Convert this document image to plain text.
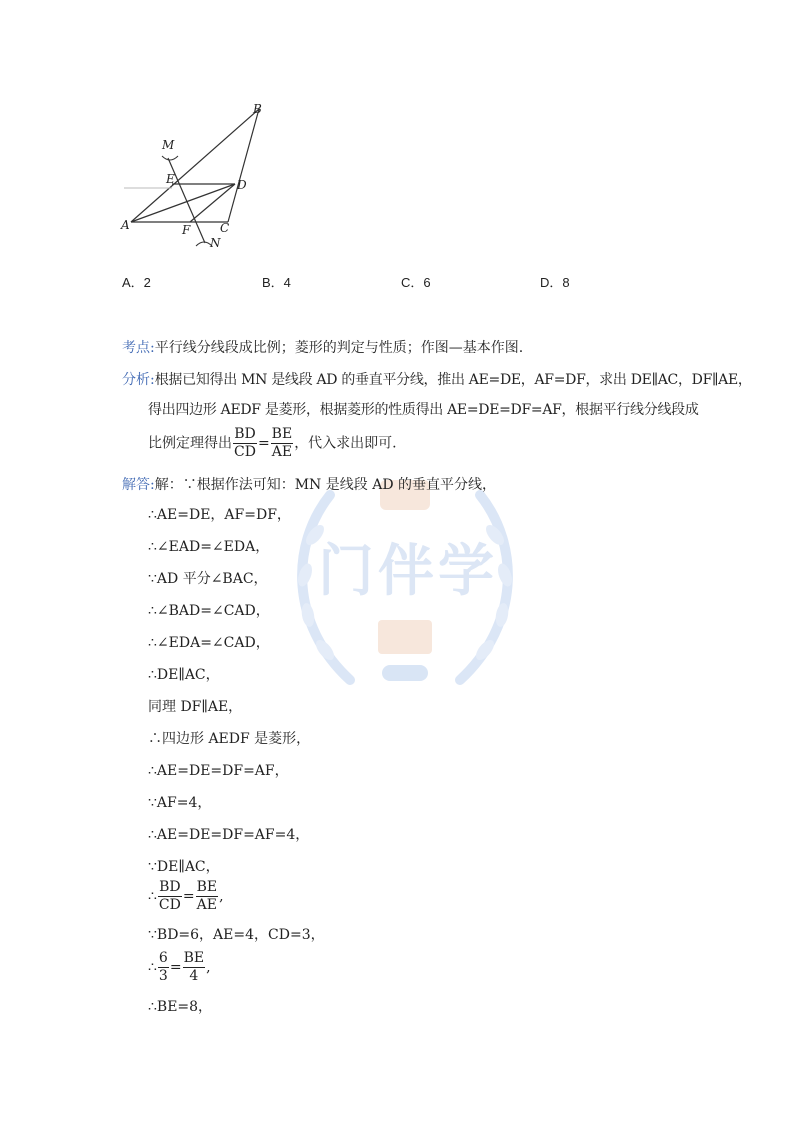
门伴学
B
M
E	D
A	F C
N
A．2	B．4	C．6	D．8
考点:平行线分线段成比例；菱形的判定与性质；作图—基本作图.
分析:根据已知得出 MN 是线段 AD 的垂直平分线，推出 AE=DE，AF=DF，求出 DE∥AC，DF∥AE，
得出四边形 AEDF 是菱形，根据菱形的性质得出 AE=DE=DF=AF，根据平行线分线段成
比例定理得出 $\frac{BD}{CD} = \frac{BE}{AE}$ ，代入求出即可.
解答:解：∵根据作法可知：MN 是线段 AD 的垂直平分线，
∴AE=DE，AF=DF，
∴∠EAD=∠EDA，
∵AD 平分∠BAC，
∴∠BAD=∠CAD，
∴∠EDA=∠CAD，
∴DE∥AC，
同理 DF∥AE，
∴四边形 AEDF 是菱形，
∴AE=DE=DF=AF，
∵AF=4，
∴AE=DE=DF=AF=4，
∵DE∥AC，
∴ $\frac{BD}{CD} = \frac{BE}{AE}$ ,
∵BD=6，AE=4，CD=3，
∴ $\frac{6}{3} = \frac{BE}{4}$ ,
∴BE=8，
